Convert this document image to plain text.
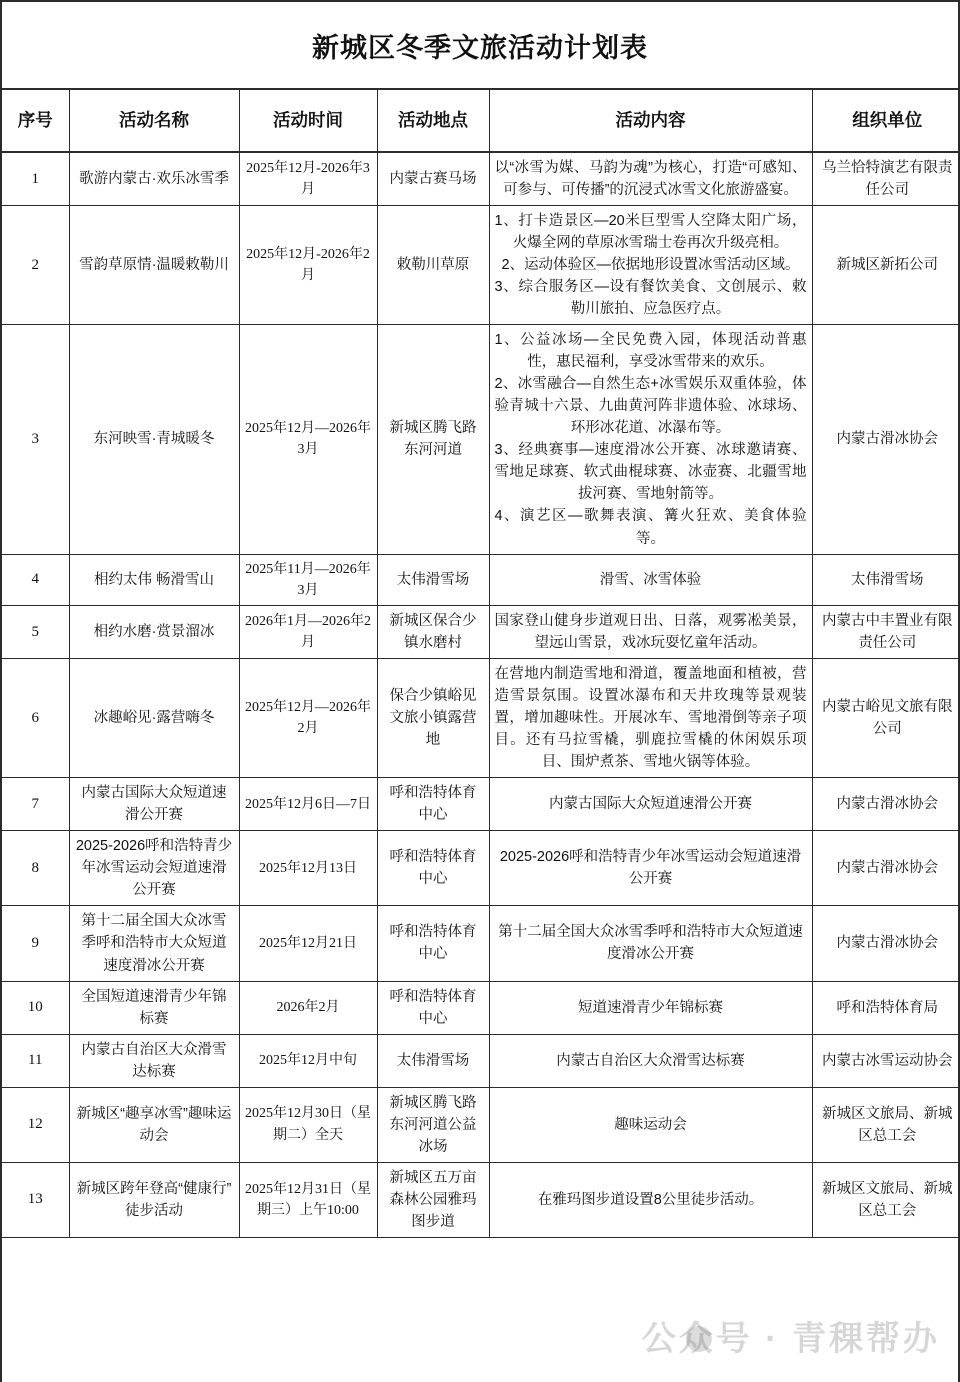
新城区冬季文旅活动计划表
序号	活动名称	活动时间	活动地点	活动内容	组织单位
1	歌游内蒙古·欢乐冰雪季	2025年12月-2026年3月	内蒙古赛马场	以“冰雪为媒、马韵为魂”为核心，打造“可感知、可参与、可传播”的沉浸式冰雪文化旅游盛宴。	乌兰恰特演艺有限责任公司
2	雪韵草原情·温暖敕勒川	2025年12月-2026年2月	敕勒川草原	1、打卡造景区—20米巨型雪人空降太阳广场，火爆全网的草原冰雪瑞士卷再次升级亮相。
2、运动体验区—依据地形设置冰雪活动区域。
3、综合服务区—设有餐饮美食、文创展示、敕勒川旅拍、应急医疗点。	新城区新拓公司
3	东河映雪·青城暖冬	2025年12月—2026年3月	新城区腾飞路东河河道	1、公益冰场—全民免费入园，体现活动普惠性，惠民福利，享受冰雪带来的欢乐。
2、冰雪融合—自然生态+冰雪娱乐双重体验，体验青城十六景、九曲黄河阵非遗体验、冰球场、环形冰花道、冰瀑布等。
3、经典赛事—速度滑冰公开赛、冰球邀请赛、雪地足球赛、软式曲棍球赛、冰壶赛、北疆雪地拔河赛、雪地射箭等。
4、演艺区—歌舞表演、篝火狂欢、美食体验等。	内蒙古滑冰协会
4	相约太伟 畅滑雪山	2025年11月—2026年3月	太伟滑雪场	滑雪、冰雪体验	太伟滑雪场
5	相约水磨·赏景溜冰	2026年1月—2026年2月	新城区保合少镇水磨村	国家登山健身步道观日出、日落，观雾凇美景，望远山雪景，戏冰玩耍忆童年活动。	内蒙古中丰置业有限责任公司
6	冰趣峪见·露营嗨冬	2025年12月—2026年2月	保合少镇峪见文旅小镇露营地	在营地内制造雪地和滑道，覆盖地面和植被，营造雪景氛围。设置冰瀑布和天井玫瑰等景观装置，增加趣味性。开展冰车、雪地滑倒等亲子项目。还有马拉雪橇，驯鹿拉雪橇的休闲娱乐项目、围炉煮茶、雪地火锅等体验。	内蒙古峪见文旅有限公司
7	内蒙古国际大众短道速滑公开赛	2025年12月6日—7日	呼和浩特体育中心	内蒙古国际大众短道速滑公开赛	内蒙古滑冰协会
8	2025-2026呼和浩特青少年冰雪运动会短道速滑公开赛	2025年12月13日	呼和浩特体育中心	2025-2026呼和浩特青少年冰雪运动会短道速滑公开赛	内蒙古滑冰协会
9	第十二届全国大众冰雪季呼和浩特市大众短道速度滑冰公开赛	2025年12月21日	呼和浩特体育中心	第十二届全国大众冰雪季呼和浩特市大众短道速度滑冰公开赛	内蒙古滑冰协会
10	全国短道速滑青少年锦标赛	2026年2月	呼和浩特体育中心	短道速滑青少年锦标赛	呼和浩特体育局
11	内蒙古自治区大众滑雪达标赛	2025年12月中旬	太伟滑雪场	内蒙古自治区大众滑雪达标赛	内蒙古冰雪运动协会
12	新城区“趣享冰雪”趣味运动会	2025年12月30日（星期二）全天	新城区腾飞路东河河道公益冰场	趣味运动会	新城区文旅局、新城区总工会
13	新城区跨年登高“健康行”徒步活动	2025年12月31日（星期三）上午10:00	新城区五万亩森林公园雅玛图步道	在雅玛图步道设置8公里徒步活动。	新城区文旅局、新城区总工会
公众号 · 青稞帮办
